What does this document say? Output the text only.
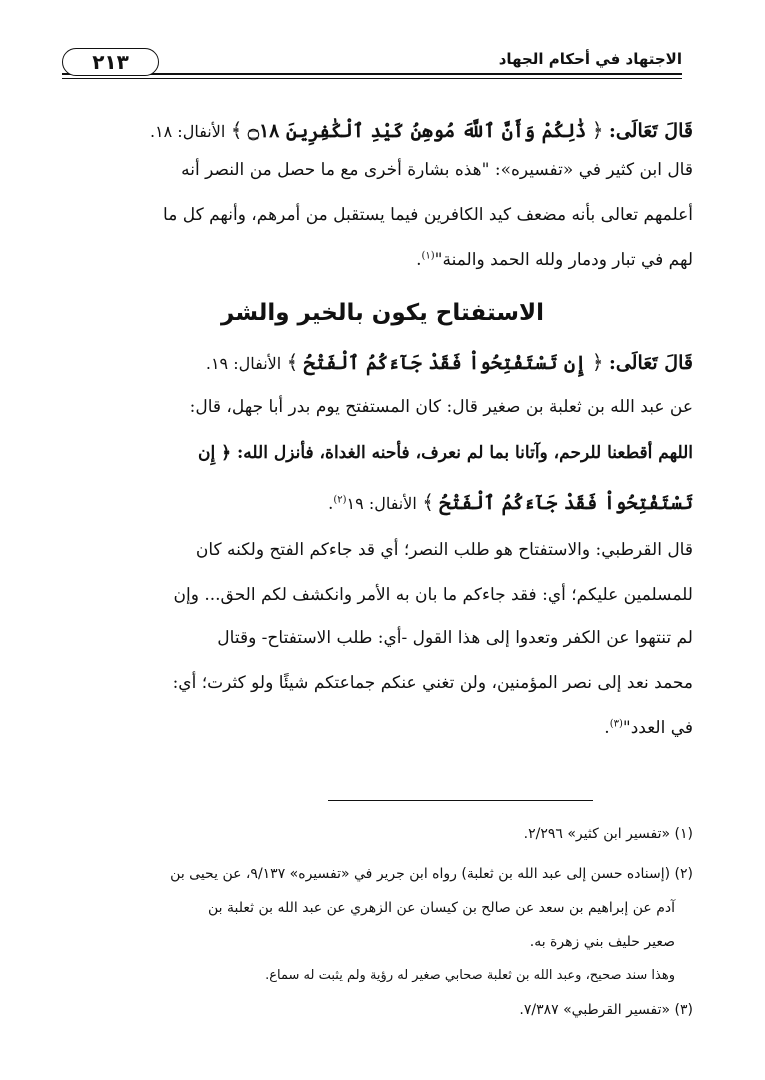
الاجتهاد في أحكام الجهاد
٢١٣
قَالَ تَعَالَى: ﴿ ذَٰلِكُمْ وَأَنَّ ٱللَّهَ مُوهِنُ كَيْدِ ٱلْكَٰفِرِينَ ۝١٨ ﴾ الأنفال: ١٨.
قال ابن كثير في «تفسيره»: "هذه بشارة أخرى مع ما حصل من النصر أنه
أعلمهم تعالى بأنه مضعف كيد الكافرين فيما يستقبل من أمرهم، وأنهم كل ما
لهم في تبار ودمار ولله الحمد والمنة"$^{(١)}$.
الاستفتاح يكون بالخير والشر
قَالَ تَعَالَى: ﴿ إِن تَسْتَفْتِحُواْ فَقَدْ جَآءَكُمُ ٱلْفَتْحُ ﴾ الأنفال: ١٩.
عن عبد الله بن ثعلبة بن صغير قال: كان المستفتح يوم بدر أبا جهل، قال:
اللهم أقطعنا للرحم، وآتانا بما لم نعرف، فأحنه الغداة، فأنزل الله: ﴿ إِن
تَسْتَفْتِحُواْ فَقَدْ جَآءَكُمُ ٱلْفَتْحُ ﴾ الأنفال: ١٩$^{(٢)}$.
قال القرطبي: والاستفتاح هو طلب النصر؛ أي قد جاءكم الفتح ولكنه كان
للمسلمين عليكم؛ أي: فقد جاءكم ما بان به الأمر وانكشف لكم الحق... وإن
لم تنتهوا عن الكفر وتعدوا إلى هذا القول -أي: طلب الاستفتاح- وقتال
محمد نعد إلى نصر المؤمنين، ولن تغني عنكم جماعتكم شيئًا ولو كثرت؛ أي:
في العدد"$^{(٣)}$.
(١) «تفسير ابن كثير» ٢/٢٩٦.
(٢) (إسناده حسن إلى عبد الله بن ثعلبة) رواه ابن جرير في «تفسيره» ٩/١٣٧، عن يحيى بن
آدم عن إبراهيم بن سعد عن صالح بن كيسان عن الزهري عن عبد الله بن ثعلبة بن
صعير حليف بني زهرة به.
وهذا سند صحيح، وعبد الله بن ثعلبة صحابي صغير له رؤية ولم يثبت له سماع.
(٣) «تفسير القرطبي» ٧/٣٨٧.
